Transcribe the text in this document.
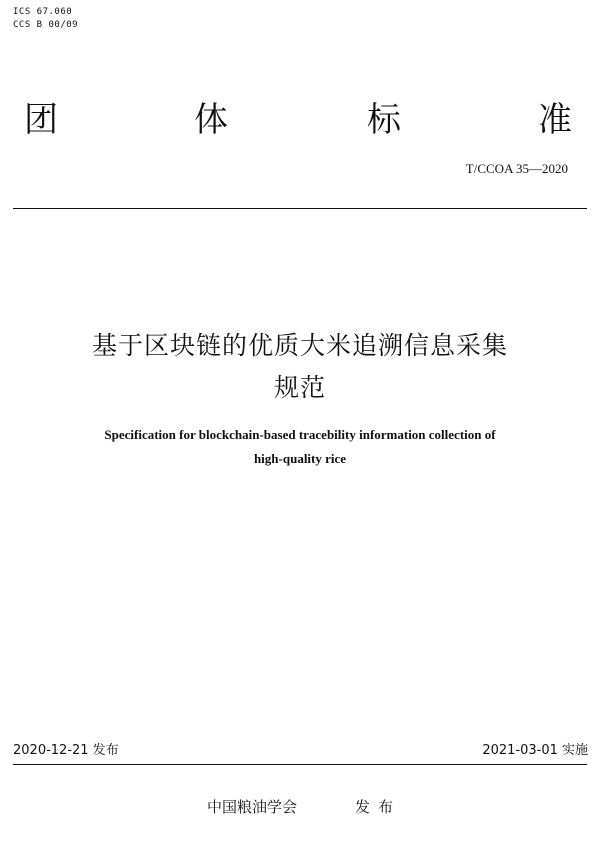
ICS 67.060
CCS B 00/09
团	体	标	准
T/CCOA 35—2020
基于区块链的优质大米追溯信息采集
规范
Specification for blockchain-based tracebility information collection of
high-quality rice
2020-12-21 发布	2021-03-01 实施
中国粮油学会	发布
